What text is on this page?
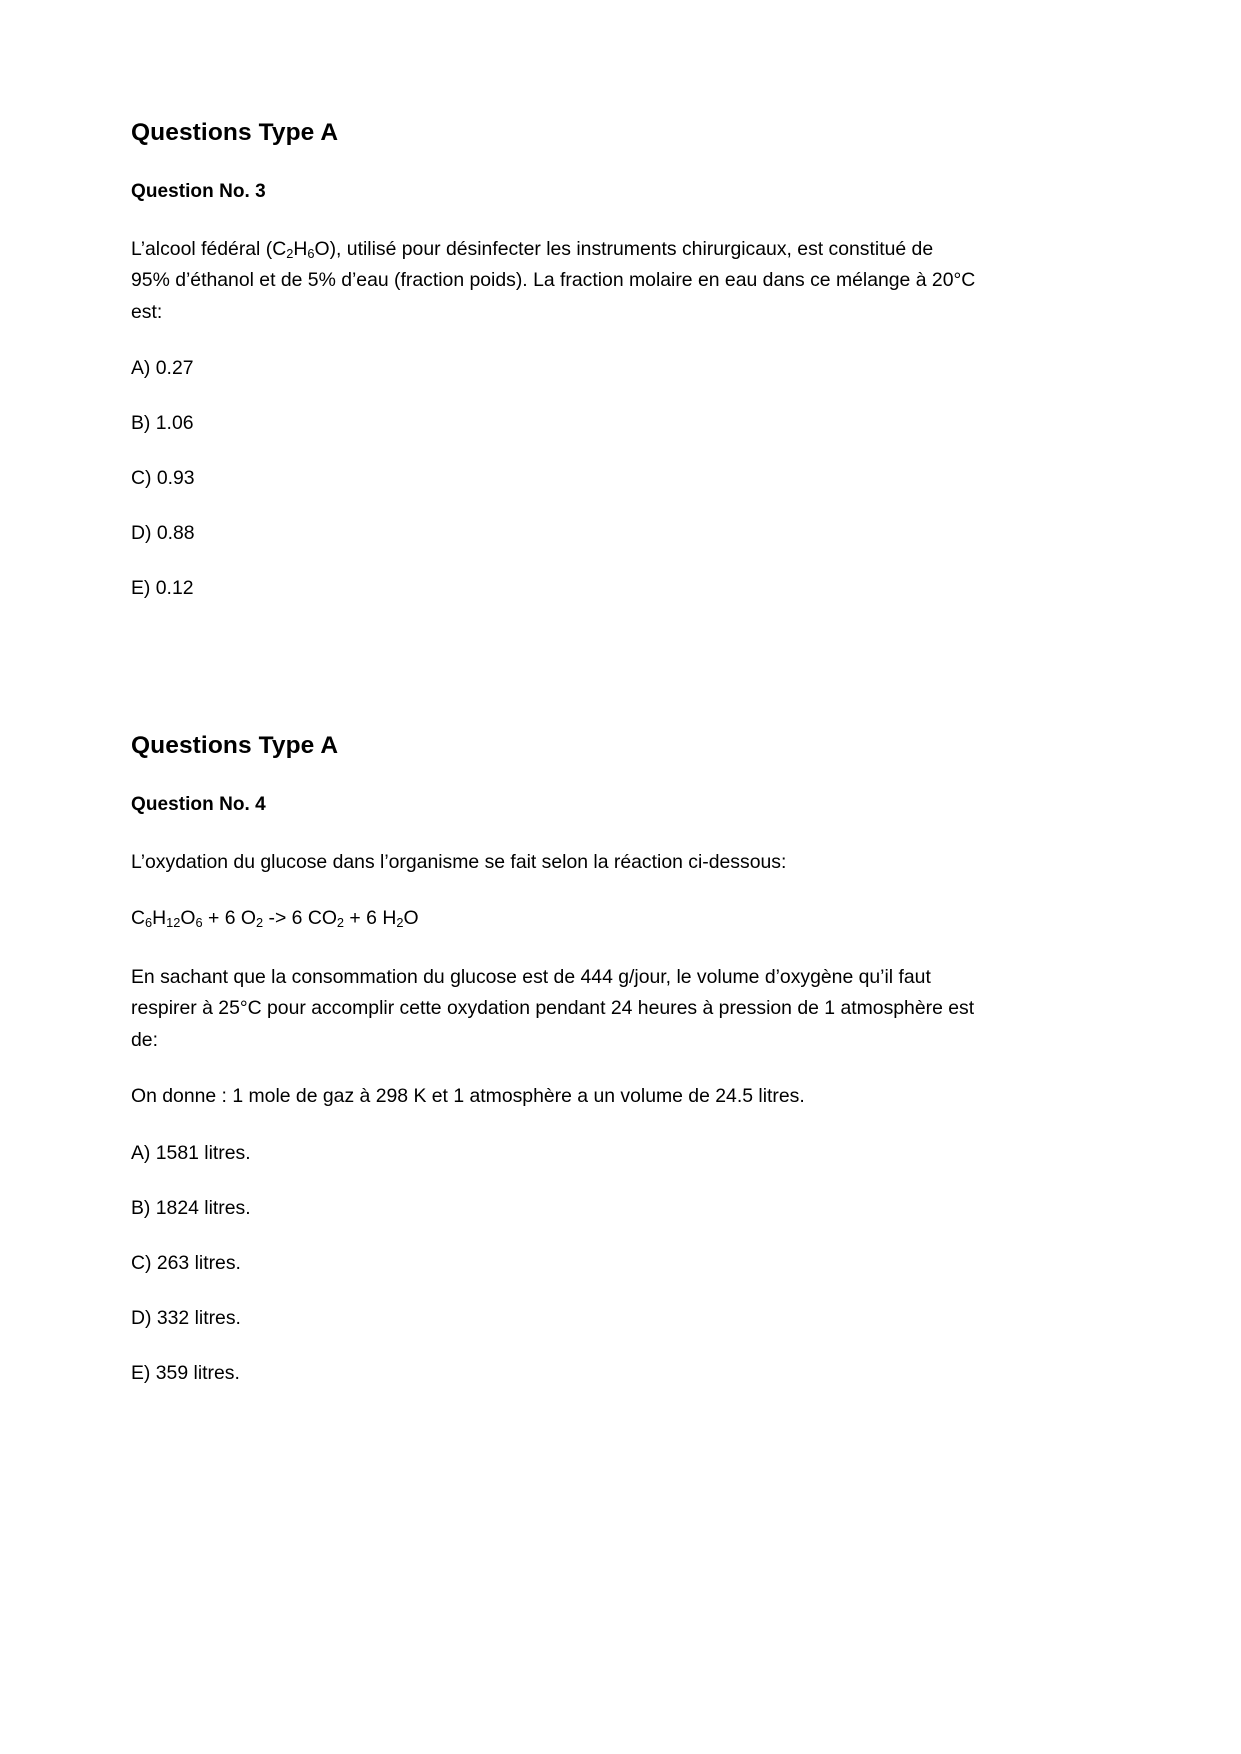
Questions Type A
Question No. 3

L’alcool fédéral $(C_2H_6O)$, utilisé pour désinfecter les instruments chirurgicaux, est constitué de 95% d’éthanol et de 5% d’eau (fraction poids). La fraction molaire en eau dans ce mélange à 20°C est:

A) 0.27

B) 1.06

C) 0.93

D) 0.88

E) 0.12

Questions Type A
Question No. 4

L’oxydation du glucose dans l’organisme se fait selon la réaction ci-dessous:

$C_6H_{12}O_6 + 6$ $O_2 -> 6$ $CO_2 + 6$ $H_2O$

En sachant que la consommation du glucose est de 444 g/jour, le volume d’oxygène qu’il faut respirer à 25°C pour accomplir cette oxydation pendant 24 heures à pression de 1 atmosphère est de:

On donne : 1 mole de gaz à 298 K et 1 atmosphère a un volume de 24.5 litres.

A) 1581 litres.

B) 1824 litres.

C) 263 litres.

D) 332 litres.

E) 359 litres.
